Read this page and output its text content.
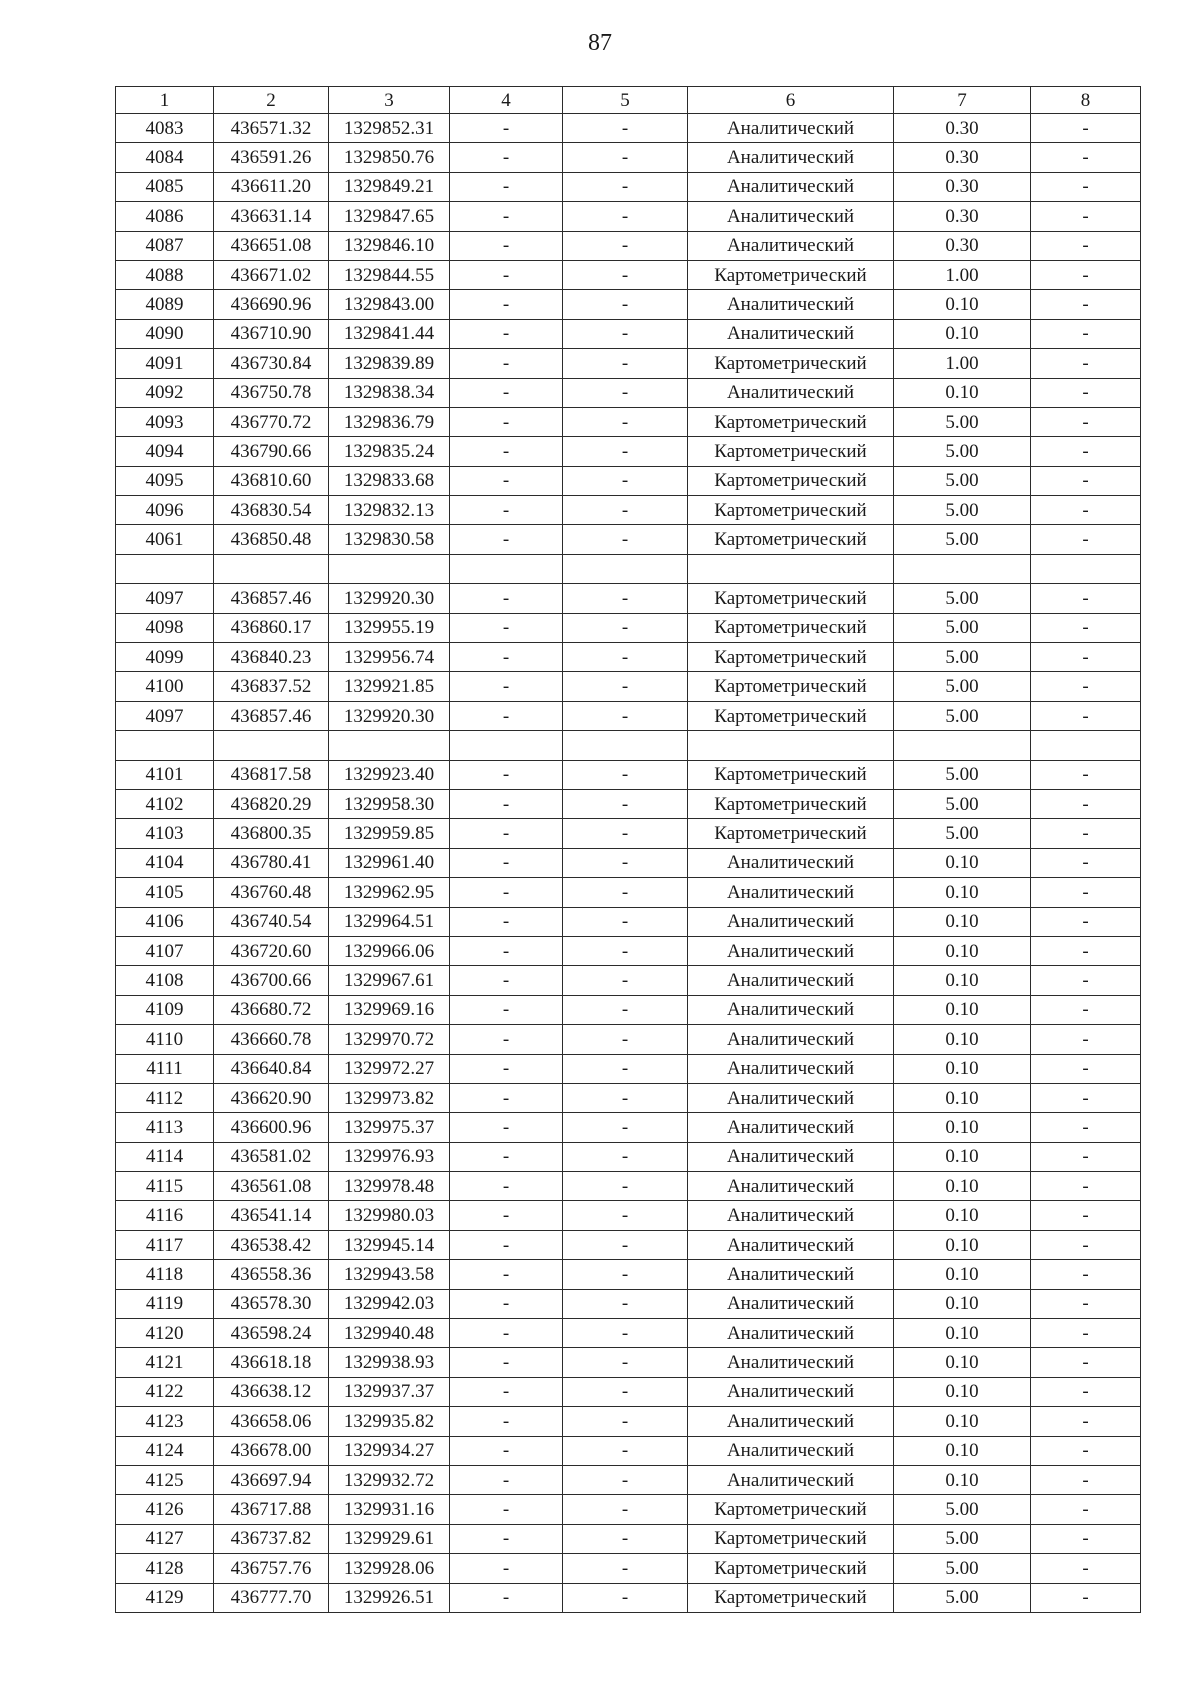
87
1	2	3	4	5	6	7	8
4083	436571.32	1329852.31	-	-	Аналитический	0.30	-
4084	436591.26	1329850.76	-	-	Аналитический	0.30	-
4085	436611.20	1329849.21	-	-	Аналитический	0.30	-
4086	436631.14	1329847.65	-	-	Аналитический	0.30	-
4087	436651.08	1329846.10	-	-	Аналитический	0.30	-
4088	436671.02	1329844.55	-	-	Картометрический	1.00	-
4089	436690.96	1329843.00	-	-	Аналитический	0.10	-
4090	436710.90	1329841.44	-	-	Аналитический	0.10	-
4091	436730.84	1329839.89	-	-	Картометрический	1.00	-
4092	436750.78	1329838.34	-	-	Аналитический	0.10	-
4093	436770.72	1329836.79	-	-	Картометрический	5.00	-
4094	436790.66	1329835.24	-	-	Картометрический	5.00	-
4095	436810.60	1329833.68	-	-	Картометрический	5.00	-
4096	436830.54	1329832.13	-	-	Картометрический	5.00	-
4061	436850.48	1329830.58	-	-	Картометрический	5.00	-

4097	436857.46	1329920.30	-	-	Картометрический	5.00	-
4098	436860.17	1329955.19	-	-	Картометрический	5.00	-
4099	436840.23	1329956.74	-	-	Картометрический	5.00	-
4100	436837.52	1329921.85	-	-	Картометрический	5.00	-
4097	436857.46	1329920.30	-	-	Картометрический	5.00	-

4101	436817.58	1329923.40	-	-	Картометрический	5.00	-
4102	436820.29	1329958.30	-	-	Картометрический	5.00	-
4103	436800.35	1329959.85	-	-	Картометрический	5.00	-
4104	436780.41	1329961.40	-	-	Аналитический	0.10	-
4105	436760.48	1329962.95	-	-	Аналитический	0.10	-
4106	436740.54	1329964.51	-	-	Аналитический	0.10	-
4107	436720.60	1329966.06	-	-	Аналитический	0.10	-
4108	436700.66	1329967.61	-	-	Аналитический	0.10	-
4109	436680.72	1329969.16	-	-	Аналитический	0.10	-
4110	436660.78	1329970.72	-	-	Аналитический	0.10	-
4111	436640.84	1329972.27	-	-	Аналитический	0.10	-
4112	436620.90	1329973.82	-	-	Аналитический	0.10	-
4113	436600.96	1329975.37	-	-	Аналитический	0.10	-
4114	436581.02	1329976.93	-	-	Аналитический	0.10	-
4115	436561.08	1329978.48	-	-	Аналитический	0.10	-
4116	436541.14	1329980.03	-	-	Аналитический	0.10	-
4117	436538.42	1329945.14	-	-	Аналитический	0.10	-
4118	436558.36	1329943.58	-	-	Аналитический	0.10	-
4119	436578.30	1329942.03	-	-	Аналитический	0.10	-
4120	436598.24	1329940.48	-	-	Аналитический	0.10	-
4121	436618.18	1329938.93	-	-	Аналитический	0.10	-
4122	436638.12	1329937.37	-	-	Аналитический	0.10	-
4123	436658.06	1329935.82	-	-	Аналитический	0.10	-
4124	436678.00	1329934.27	-	-	Аналитический	0.10	-
4125	436697.94	1329932.72	-	-	Аналитический	0.10	-
4126	436717.88	1329931.16	-	-	Картометрический	5.00	-
4127	436737.82	1329929.61	-	-	Картометрический	5.00	-
4128	436757.76	1329928.06	-	-	Картометрический	5.00	-
4129	436777.70	1329926.51	-	-	Картометрический	5.00	-
